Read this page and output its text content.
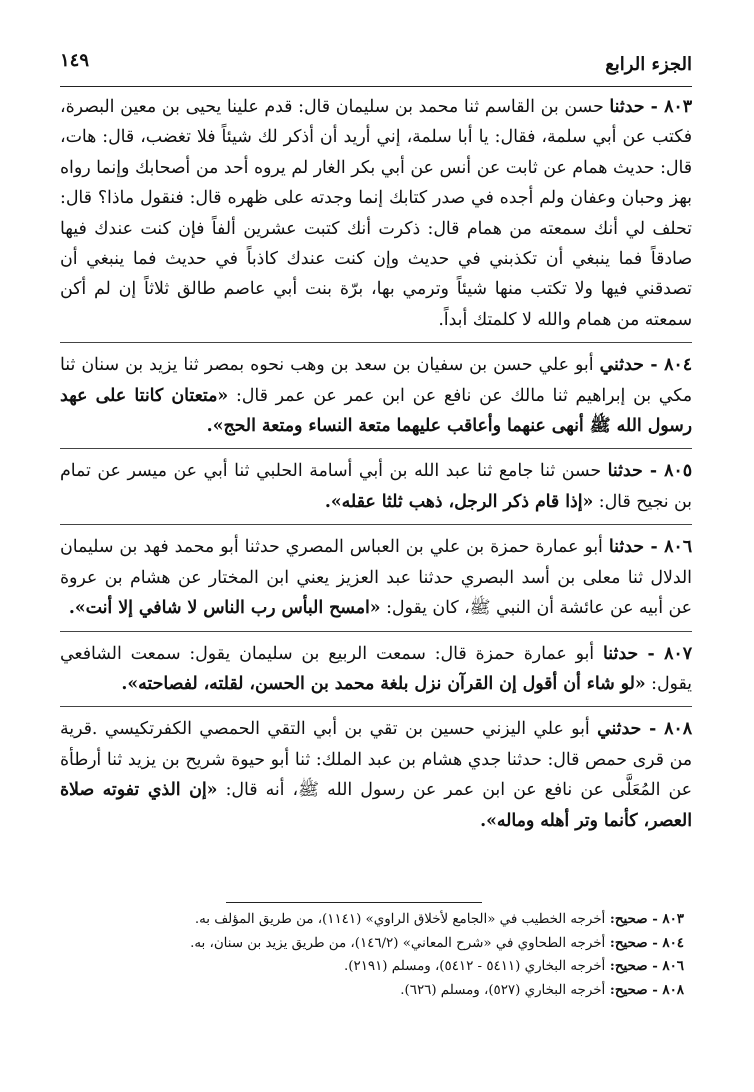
الجزء الرابع
١٤٩

٨٠٣ - حدثنا حسن بن القاسم ثنا محمد بن سليمان قال: قدم علينا يحيى بن معين البصرة، فكتب عن أبي سلمة، فقال: يا أبا سلمة، إني أريد أن أذكر لك شيئاً فلا تغضب، قال: هات، قال: حديث همام عن ثابت عن أنس عن أبي بكر الغار لم يروه أحد من أصحابك وإنما رواه بهز وحبان وعفان ولم أجده في صدر كتابك إنما وجدته على ظهره قال: فنقول ماذا؟ قال: تحلف لي أنك سمعته من همام قال: ذكرت أنك كتبت عشرين ألفاً فإن كنت عندك فيها صادقاً فما ينبغي أن تكذبني في حديث وإن كنت عندك كاذباً في حديث فما ينبغي أن تصدقني فيها ولا تكتب منها شيئاً وترمي بها، برّة بنت أبي عاصم طالق ثلاثاً إن لم أكن سمعته من همام والله لا كلمتك أبداً.

٨٠٤ - حدثني أبو علي حسن بن سفيان بن سعد بن وهب نحوه بمصر ثنا يزيد بن سنان ثنا مكي بن إبراهيم ثنا مالك عن نافع عن ابن عمر عن عمر قال: «متعتان كانتا على عهد رسول الله ﷺ أنهى عنهما وأعاقب عليهما متعة النساء ومتعة الحج».

٨٠٥ - حدثنا حسن ثنا جامع ثنا عبد الله بن أبي أسامة الحلبي ثنا أبي عن ميسر عن تمام بن نجيح قال: «إذا قام ذكر الرجل، ذهب ثلثا عقله».

٨٠٦ - حدثنا أبو عمارة حمزة بن علي بن العباس المصري حدثنا أبو محمد فهد بن سليمان الدلال ثنا معلى بن أسد البصري حدثنا عبد العزيز يعني ابن المختار عن هشام بن عروة عن أبيه عن عائشة أن النبي ﷺ، كان يقول: «امسح البأس رب الناس لا شافي إلا أنت».

٨٠٧ - حدثنا أبو عمارة حمزة قال: سمعت الربيع بن سليمان يقول: سمعت الشافعي يقول: «لو شاء أن أقول إن القرآن نزل بلغة محمد بن الحسن، لقلته، لفصاحته».

٨٠٨ - حدثني أبو علي اليزني حسين بن تقي بن أبي التقي الحمصي الكفرتكيسي .قرية من قرى حمص قال: حدثنا جدي هشام بن عبد الملك: ثنا أبو حيوة شريح بن يزيد ثنا أرطأة عن المُعَلَّى عن نافع عن ابن عمر عن رسول الله ﷺ، أنه قال: «إن الذي تفوته صلاة العصر، كأنما وتر أهله وماله».

٨٠٣ - صحيح: أخرجه الخطيب في «الجامع لأخلاق الراوي» (١١٤١)، من طريق المؤلف به.
٨٠٤ - صحيح: أخرجه الطحاوي في «شرح المعاني» (١٤٦/٢)، من طريق يزيد بن سنان، به.
٨٠٦ - صحيح: أخرجه البخاري (٥٤١١ - ٥٤١٢)، ومسلم (٢١٩١).
٨٠٨ - صحيح: أخرجه البخاري (٥٢٧)، ومسلم (٦٢٦).
